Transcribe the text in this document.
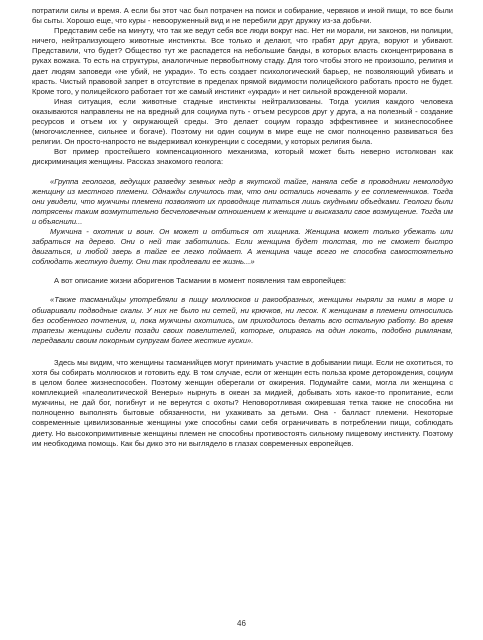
потратили силы и время. А если бы этот час был потрачен на поиск и собирание, червяков и иной пищи, то все были бы сыты. Хорошо еще, что куры - невооруженный вид и не перебили друг дружку из-за добычи.

Представим себе на минуту, что так же ведут себя все люди вокруг нас. Нет ни морали, ни законов, ни полиции, ничего, нейтрализующего животные инстинкты. Все только и делают, что грабят друг друга, воруют и убивают. Представили, что будет? Обществo тут же распадется на небольшие банды, в которых власть сконцентрирована в руках вожака. То есть на структуры, аналогичные первобытному стаду. Для того чтобы этого не произошло, религия и дает людям заповеди «не убий, не укради». То есть создает психологический барьер, не позволяющий убивать и красть. Чистый правовой запрет в отсутствие в пределах прямой видимости полицейского работать просто не будет. Кроме того, у полицейского работает тот же самый инстинкт «укради» и нет сильной врожденной морали.

Иная ситуация, если животные стадные инстинкты нейтрализованы. Тогда усилия каждого человека оказываются направлены не на вредный для социума путь - отъем ресурсов друг у друга, а на полезный - создание ресурсов и отъем их у окружающей среды. Это делает социум гораздо эффективнее и жизнеспособнее (многочисленнее, сильнее и богаче). Поэтому ни один социум в мире еще не смог полноценно развиваться без религии. Он просто-напросто не выдерживал конкуренции с соседями, у которых религия была.

Вот пример простейшего компенсационного механизма, который может быть неверно истолкован как дискриминация женщины. Рассказ знакомого геолога:

«Группа геологов, ведущих разведку земных недр в якутской тайге, наняла себе в проводники немолодую женщину из местного племени. Однажды случилось так, что они остались ночевать у ее соплеменников. Тогда они увидели, что мужчины племени позволяют их проводнице питаться лишь скудными объедками. Геологи были потрясены таким возмутительно бесчеловечным отношением к женщине и высказали свое возмущение. Тогда им и объяснили...

Мужчина - охотник и воин. Он может и отбиться от хищника. Женщина может только убежать или забраться на дерево. Они о ней так заботились. Если женщина будет толстая, то не сможет быстро двигаться, и любой зверь в тайге ее легко поймает. А женщина чаще всего не способна самостоятельно соблюдать жесткую диету. Они так продлевали ее жизнь...»

А вот описание жизни аборигенов Тасмании в момент появления там европейцев:

«Также тасманийцы употребляли в пищу моллюсков и ракообразных, женщины ныряли за ними в море и обшаривали подводные скалы. У них не было ни сетей, ни крючков, ни лесок. К женщинам в племени относились без особенного почтения, и, пока мужчины охотились, им приходилось делать всю остальную работу. Во время трапезы женщины сидели позади своих повелителей, которые, опираясь на один локоть, подобно римлянам, передавали своим покорным супругам более жесткие куски».

Здесь мы видим, что женщины тасманийцев могут принимать участие в добывании пищи. Если не охотиться, то хотя бы собирать моллюсков и готовить еду. В том случае, если от женщин есть польза кроме деторождения, социум в целом более жизнеспособен. Поэтому женщин оберегали от ожирения. Подумайте сами, могла ли женщина с комплекцией «палеолитической Венеры» нырнуть в океан за мидией, добывать хоть какое-то пропитание, если мужчины, не дай бог, погибнут и не вернутся с охоты? Неповоротливая ожиревшая тетка также не способна ни полноценно выполнять бытовые обязанности, ни ухаживать за детьми. Она - балласт племени. Некоторые современные цивилизованные женщины уже способны сами себя ограничивать в потреблении пищи, соблюдать диету. Но высокопримитивные женщины племен не способны противостоять сильному пищевому инстинкту. Поэтому им необходима помощь. Как бы дико это ни выглядело в глазах современных европейцев.

46
